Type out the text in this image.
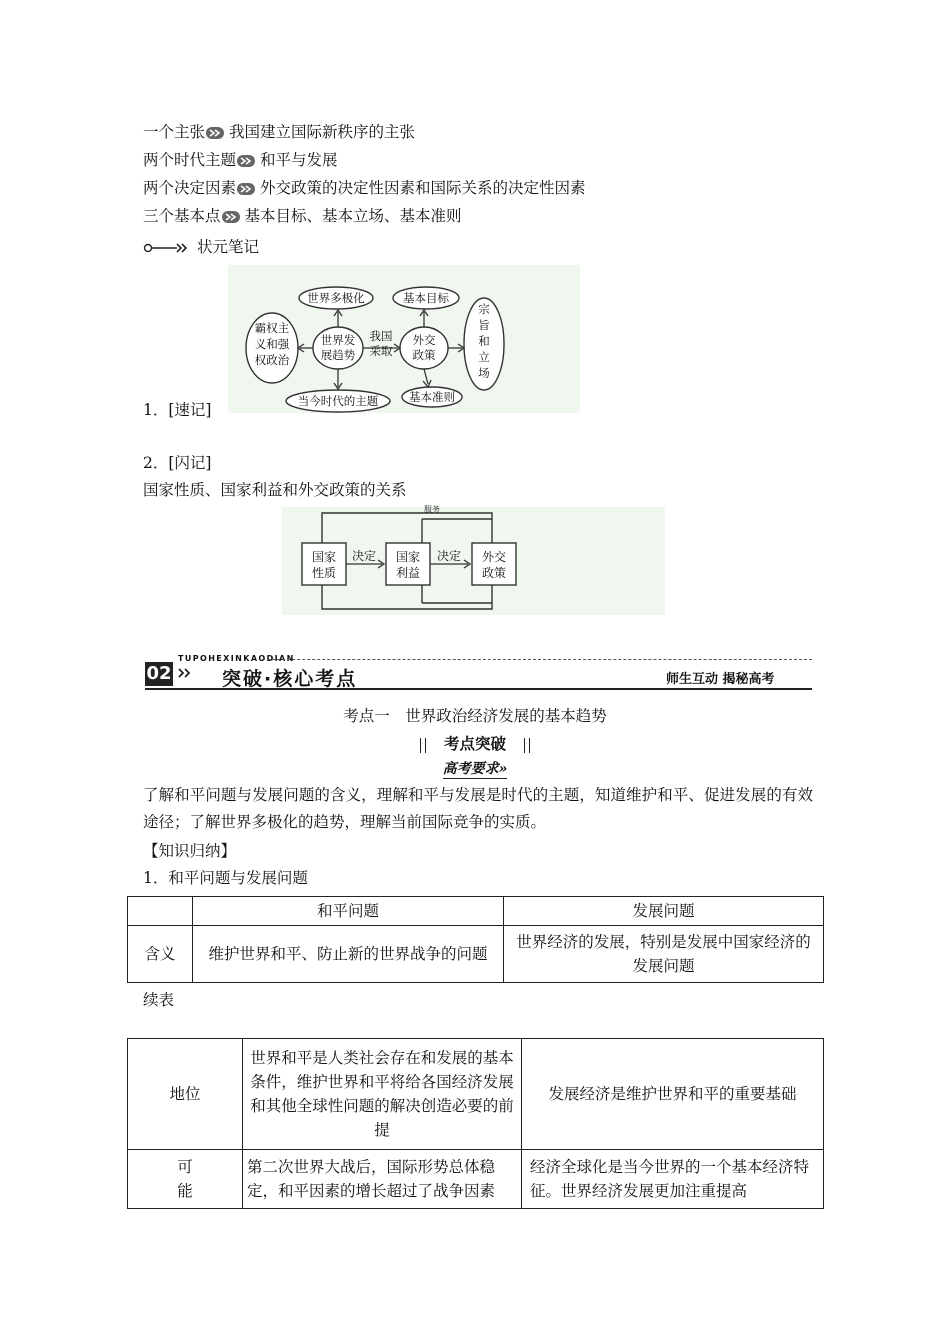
一个主张 我国建立国际新秩序的主张
两个时代主题 和平与发展
两个决定因素 外交政策的决定性因素和国际关系的决定性因素
三个基本点 基本目标、基本立场、基本准则
状元笔记
世界多极化	基本目标
霸权主
义和强
权政治
世界发
展趋势
我国
采取
外交
政策
宗
旨
和
立
场
当今时代的主题	基本准则
1．[速记]
2．[闪记]
国家性质、国家利益和外交政策的关系
国家
性质
国家
利益
外交
政策
决定	决定
服务
TUPOHEXINKAODIAN
02	突破·核心考点	师生互动 揭秘高考
考点一　世界政治经济发展的基本趋势
考点突破
高考要求»
了解和平问题与发展问题的含义，理解和平与发展是时代的主题，知道维护和平、促进发展的有效途径；了解世界多极化的趋势，理解当前国际竞争的实质。
【知识归纳】
1．和平问题与发展问题
	和平问题	发展问题
含义	维护世界和平、防止新的世界战争的问题	世界经济的发展，特别是发展中国家经济的发展问题
续表
地位	世界和平是人类社会存在和发展的基本条件，维护世界和平将给各国经济发展和其他全球性问题的解决创造必要的前提	发展经济是维护世界和平的重要基础
可
能	第二次世界大战后，国际形势总体稳定，和平因素的增长超过了战争因素	经济全球化是当今世界的一个基本经济特征。世界经济发展更加注重提高
